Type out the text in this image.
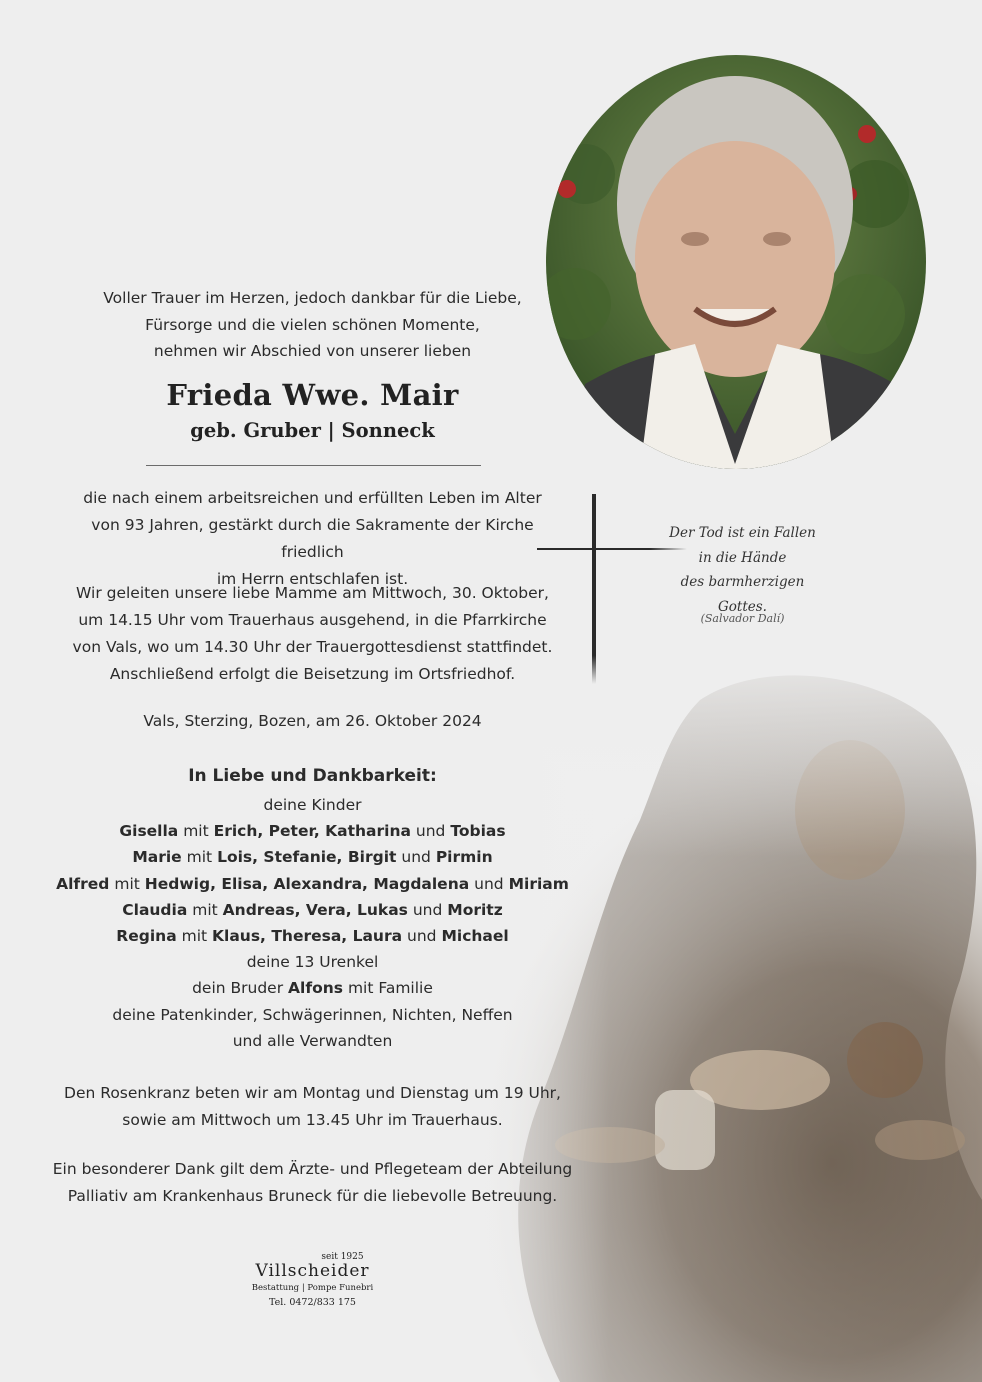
Voller Trauer im Herzen, jedoch dankbar für die Liebe,
Fürsorge und die vielen schönen Momente,
nehmen wir Abschied von unserer lieben
Frieda Wwe. Mair
geb. Gruber | Sonneck
die nach einem arbeitsreichen und erfüllten Leben im Alter
von 93 Jahren, gestärkt durch die Sakramente der Kirche friedlich
im Herrn entschlafen ist.
Wir geleiten unsere liebe Mamme am Mittwoch, 30. Oktober,
um 14.15 Uhr vom Trauerhaus ausgehend, in die Pfarrkirche
von Vals, wo um 14.30 Uhr der Trauergottesdienst stattfindet.
Anschließend erfolgt die Beisetzung im Ortsfriedhof.
Vals, Sterzing, Bozen, am 26. Oktober 2024
Der Tod ist ein Fallen
in die Hände
des barmherzigen Gottes.
(Salvador Dalí)
In Liebe und Dankbarkeit:
deine Kinder
Gisella mit Erich, Peter, Katharina und Tobias
Marie mit Lois, Stefanie, Birgit und Pirmin
Alfred mit Hedwig, Elisa, Alexandra, Magdalena und Miriam
Claudia mit Andreas, Vera, Lukas und Moritz
Regina mit Klaus, Theresa, Laura und Michael
deine 13 Urenkel
dein Bruder Alfons mit Familie
deine Patenkinder, Schwägerinnen, Nichten, Neffen
und alle Verwandten
Den Rosenkranz beten wir am Montag und Dienstag um 19 Uhr,
sowie am Mittwoch um 13.45 Uhr im Trauerhaus.
Ein besonderer Dank gilt dem Ärzte- und Pflegeteam der Abteilung
Palliativ am Krankenhaus Bruneck für die liebevolle Betreuung.
seit 1925
Villscheider
Bestattung | Pompe Funebri
Tel. 0472/833 175
